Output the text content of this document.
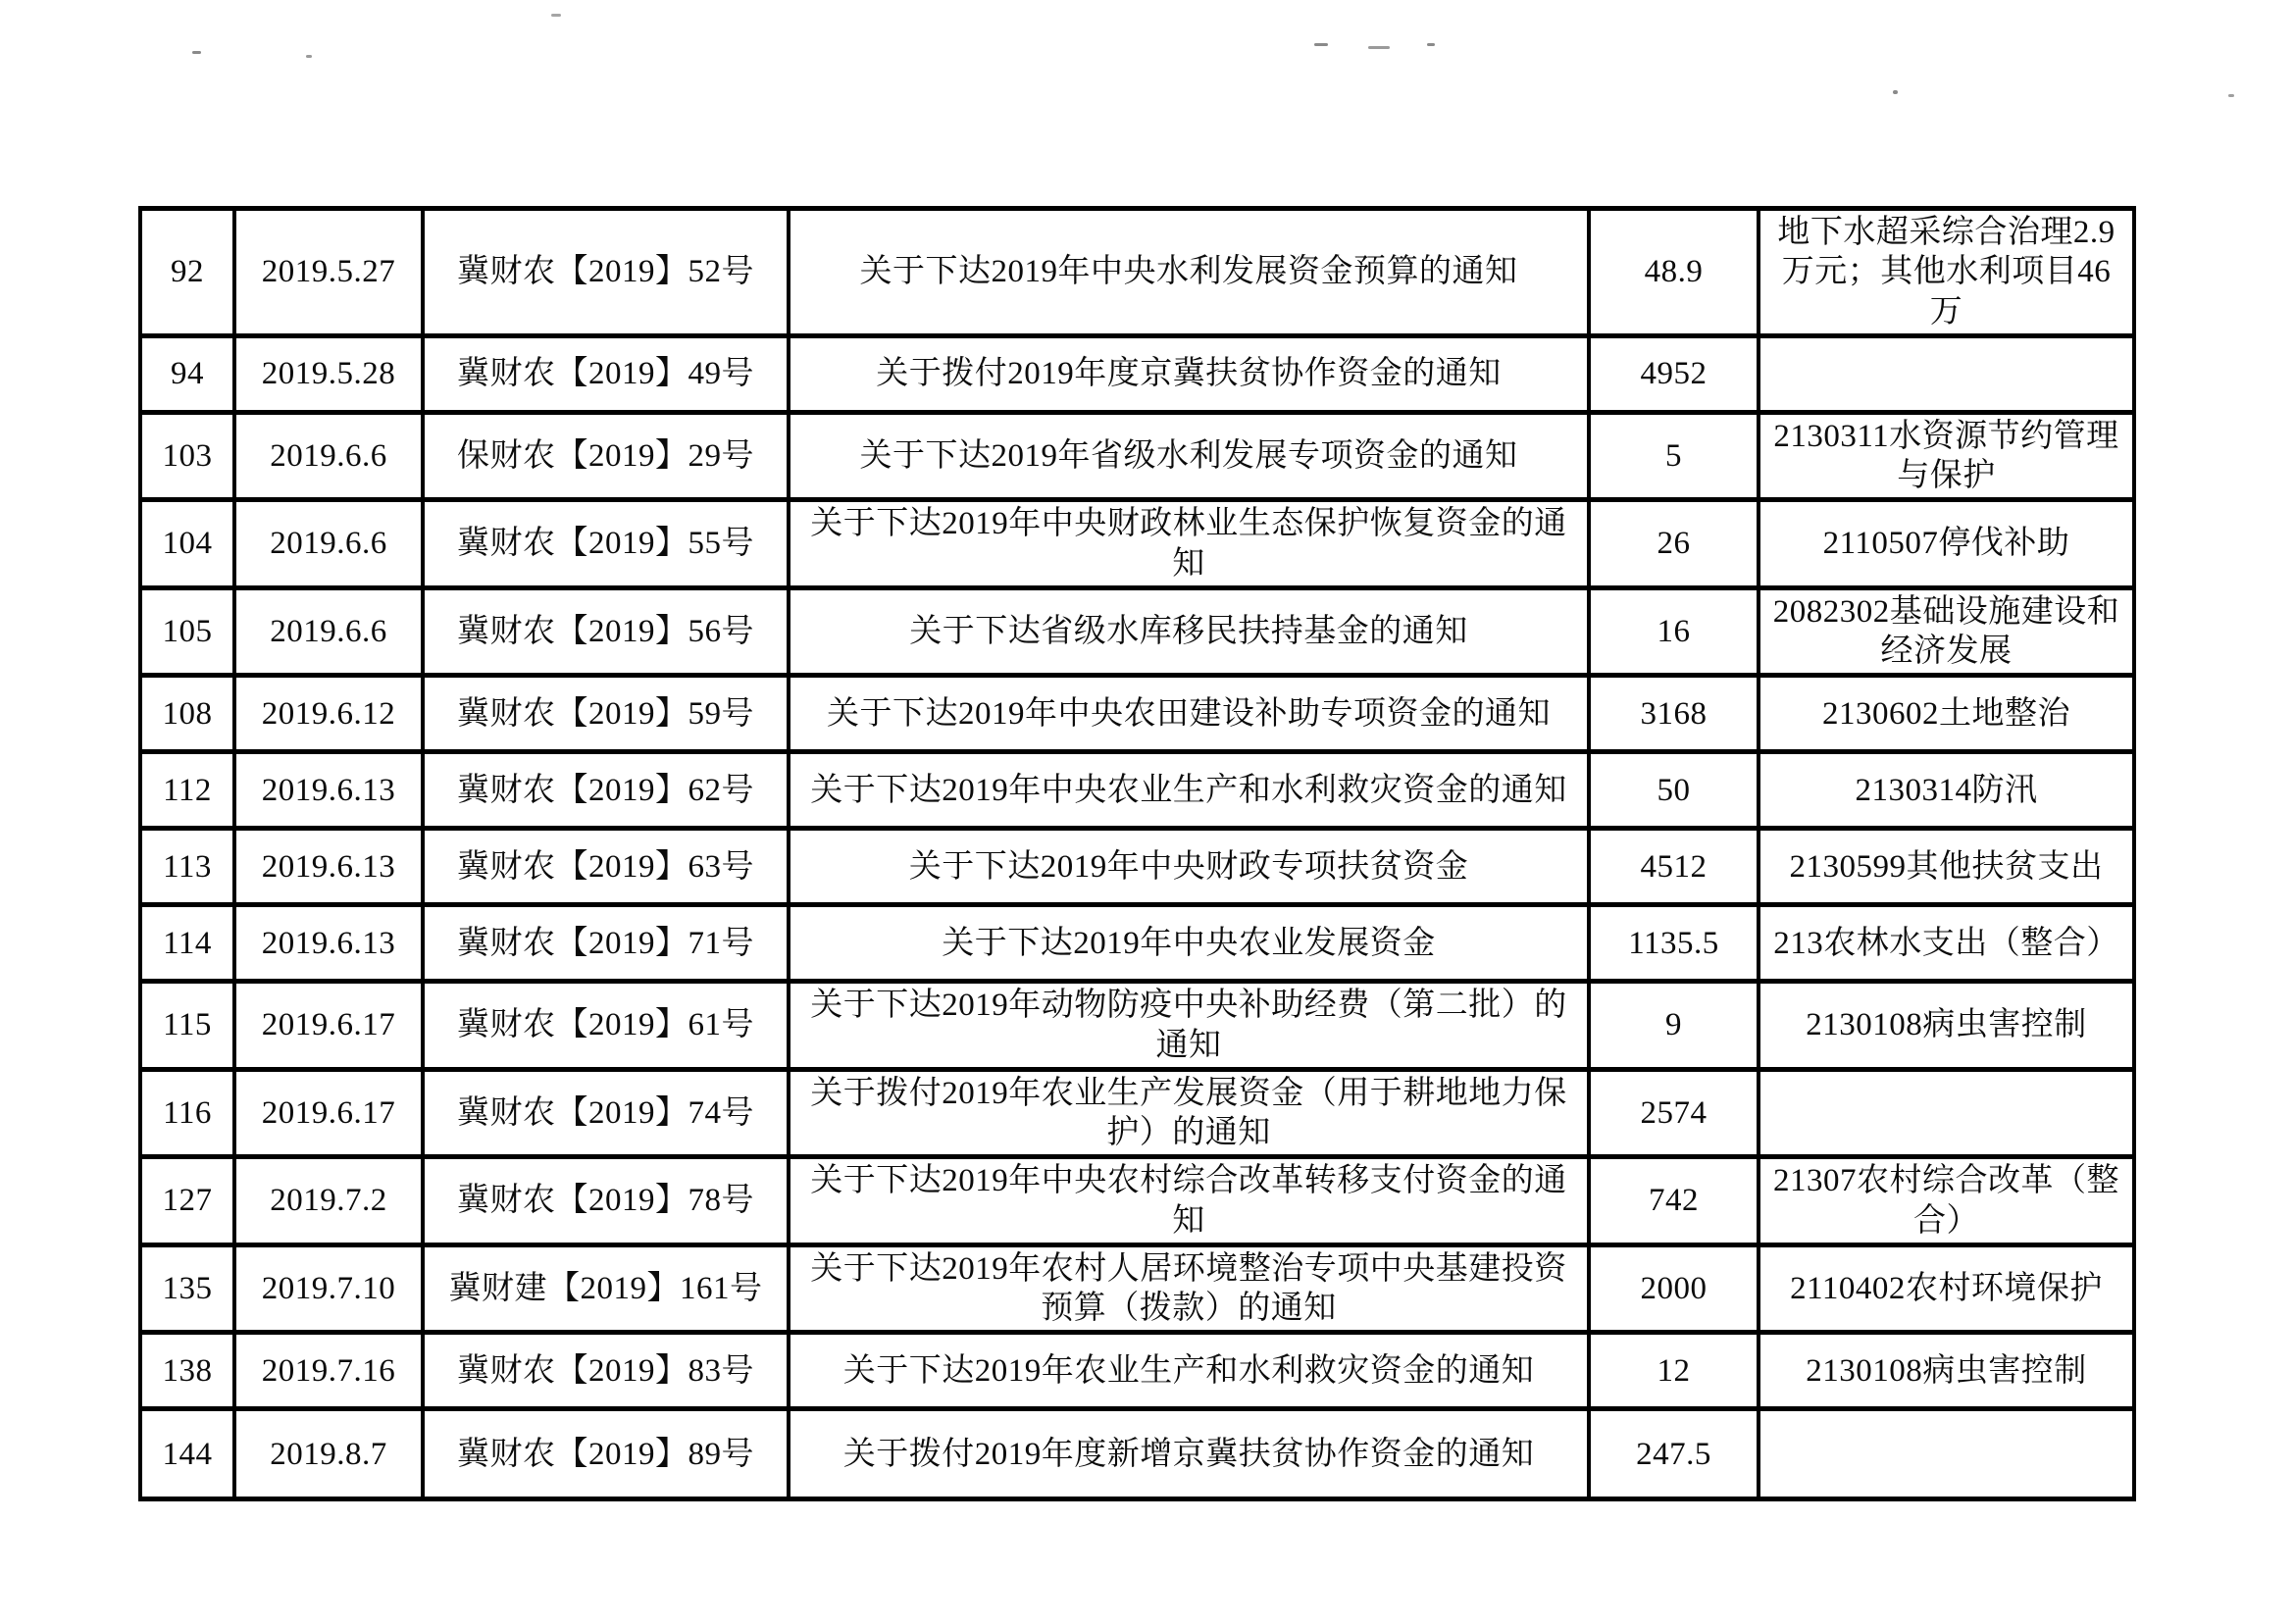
92	2019.5.27	冀财农【2019】52号	关于下达2019年中央水利发展资金预算的通知	48.9	地下水超采综合治理2.9万元；其他水利项目46万
94	2019.5.28	冀财农【2019】49号	关于拨付2019年度京冀扶贫协作资金的通知	4952	
103	2019.6.6	保财农【2019】29号	关于下达2019年省级水利发展专项资金的通知	5	2130311水资源节约管理与保护
104	2019.6.6	冀财农【2019】55号	关于下达2019年中央财政林业生态保护恢复资金的通知	26	2110507停伐补助
105	2019.6.6	冀财农【2019】56号	关于下达省级水库移民扶持基金的通知	16	2082302基础设施建设和经济发展
108	2019.6.12	冀财农【2019】59号	关于下达2019年中央农田建设补助专项资金的通知	3168	2130602土地整治
112	2019.6.13	冀财农【2019】62号	关于下达2019年中央农业生产和水利救灾资金的通知	50	2130314防汛
113	2019.6.13	冀财农【2019】63号	关于下达2019年中央财政专项扶贫资金	4512	2130599其他扶贫支出
114	2019.6.13	冀财农【2019】71号	关于下达2019年中央农业发展资金	1135.5	213农林水支出（整合）
115	2019.6.17	冀财农【2019】61号	关于下达2019年动物防疫中央补助经费（第二批）的通知	9	2130108病虫害控制
116	2019.6.17	冀财农【2019】74号	关于拨付2019年农业生产发展资金（用于耕地地力保护）的通知	2574	
127	2019.7.2	冀财农【2019】78号	关于下达2019年中央农村综合改革转移支付资金的通知	742	21307农村综合改革（整合）
135	2019.7.10	冀财建【2019】161号	关于下达2019年农村人居环境整治专项中央基建投资预算（拨款）的通知	2000	2110402农村环境保护
138	2019.7.16	冀财农【2019】83号	关于下达2019年农业生产和水利救灾资金的通知	12	2130108病虫害控制
144	2019.8.7	冀财农【2019】89号	关于拨付2019年度新增京冀扶贫协作资金的通知	247.5	
